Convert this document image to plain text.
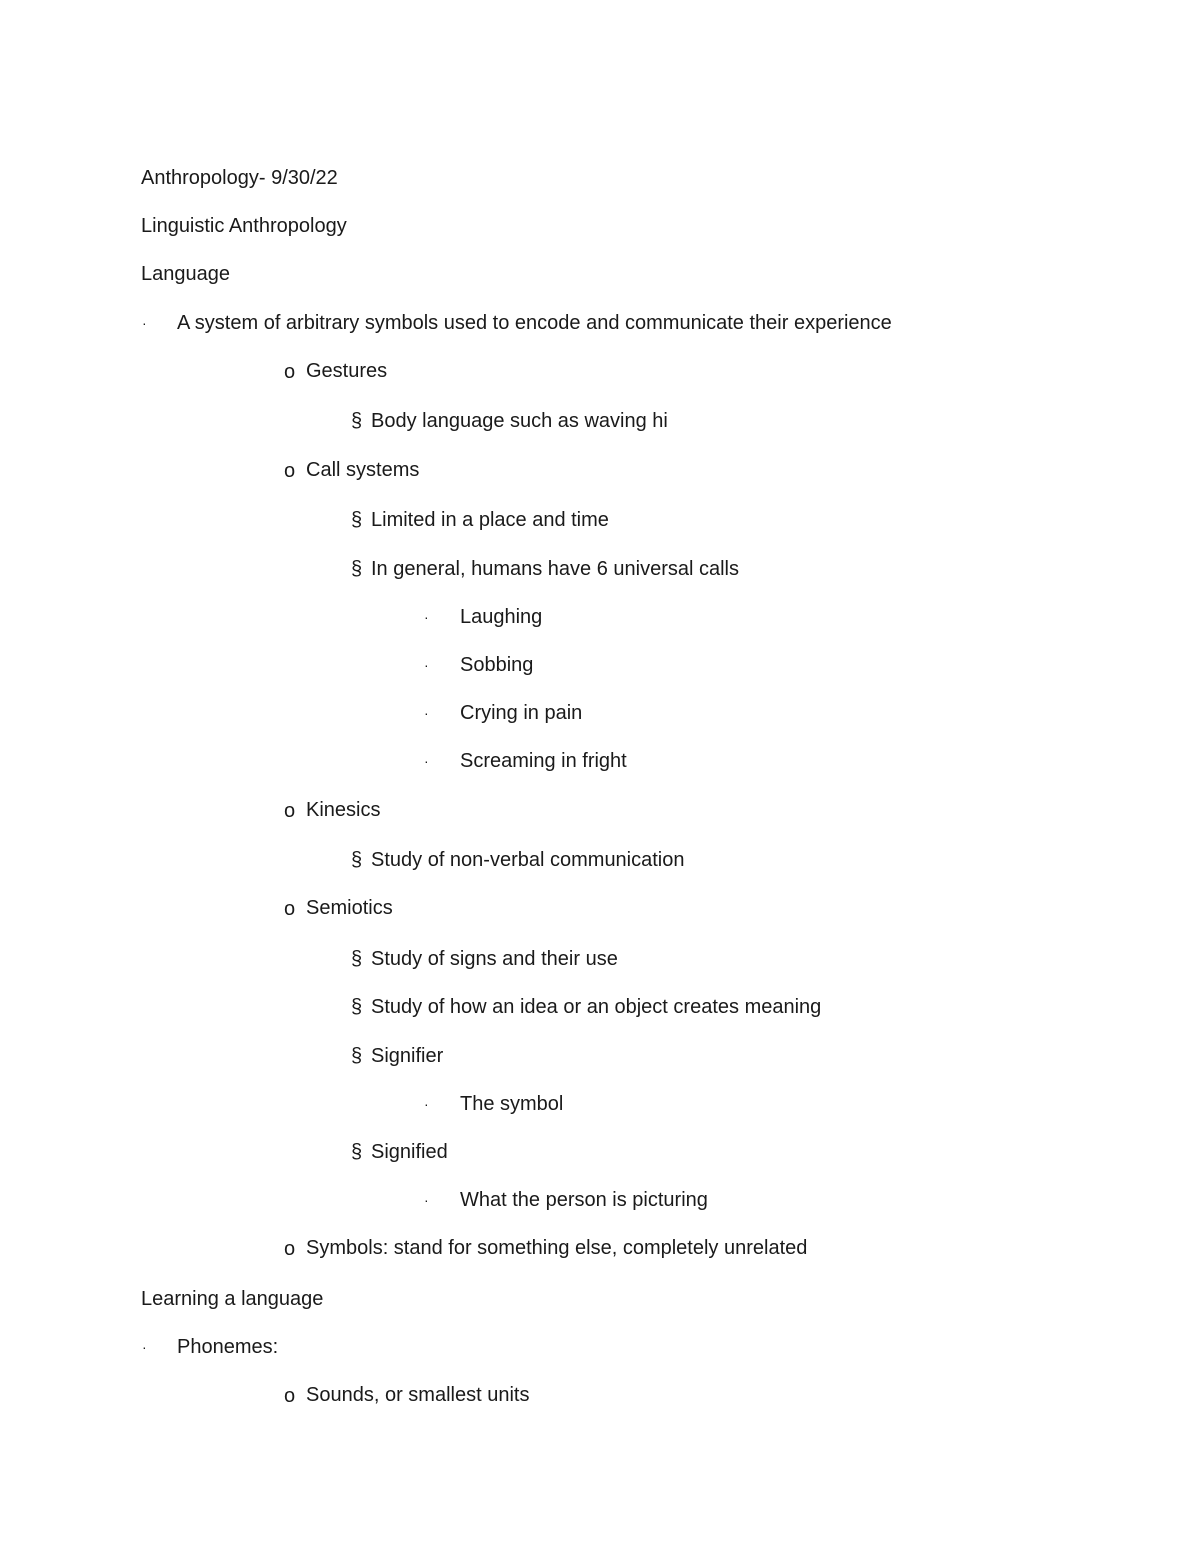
Anthropology- 9/30/22
Linguistic Anthropology
Language
· A system of arbitrary symbols used to encode and communicate their experience
o Gestures
§ Body language such as waving hi
o Call systems
§ Limited in a place and time
§ In general, humans have 6 universal calls
· Laughing
· Sobbing
· Crying in pain
· Screaming in fright
o Kinesics
§ Study of non-verbal communication
o Semiotics
§ Study of signs and their use
§ Study of how an idea or an object creates meaning
§ Signifier
· The symbol
§ Signified
· What the person is picturing
o Symbols: stand for something else, completely unrelated
Learning a language
· Phonemes:
o Sounds, or smallest units
